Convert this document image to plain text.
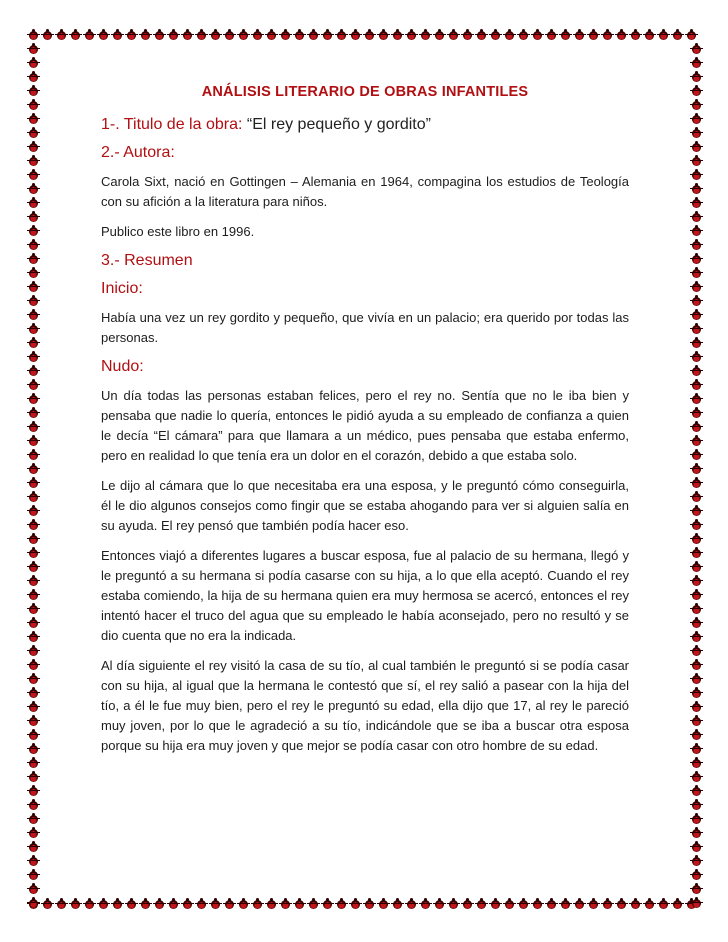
ANÁLISIS LITERARIO DE OBRAS INFANTILES
1-. Titulo de la obra: “El rey pequeño y gordito”
2.- Autora:

Carola Sixt, nació en Gottingen – Alemania en 1964, compagina los estudios de Teología con su afición a la literatura para niños.

Publico este libro en 1996.

3.- Resumen
Inicio:

Había una vez un rey gordito y pequeño, que vivía en un palacio; era querido por todas las personas.

Nudo:

Un día todas las personas estaban felices, pero el rey no. Sentía que no le iba bien y pensaba que nadie lo quería, entonces le pidió ayuda a su empleado de confianza a quien le decía “El cámara” para que llamara a un médico, pues pensaba que estaba enfermo, pero en realidad lo que tenía era un dolor en el corazón, debido a que estaba solo.

Le dijo al cámara que lo que necesitaba era una esposa, y le preguntó cómo conseguirla, él le dio algunos consejos como fingir que se estaba ahogando para ver si alguien salía en su ayuda. El rey pensó que también podía hacer eso.

Entonces viajó a diferentes lugares a buscar esposa, fue al palacio de su hermana, llegó y le preguntó a su hermana si podía casarse con su hija, a lo que ella aceptó. Cuando el rey estaba comiendo, la hija de su hermana quien era muy hermosa se acercó, entonces el rey intentó hacer el truco del agua que su empleado le había aconsejado, pero no resultó y se dio cuenta que no era la indicada.

Al día siguiente el rey visitó la casa de su tío, al cual también le preguntó si se podía casar con su hija, al igual que la hermana le contestó que sí, el rey salió a pasear con la hija del tío, a él le fue muy bien, pero el rey le preguntó su edad, ella dijo que 17, al rey le pareció muy joven, por lo que le agradeció a su tío, indicándole que se iba a buscar otra esposa porque su hija era muy joven y que mejor se podía casar con otro hombre de su edad.
